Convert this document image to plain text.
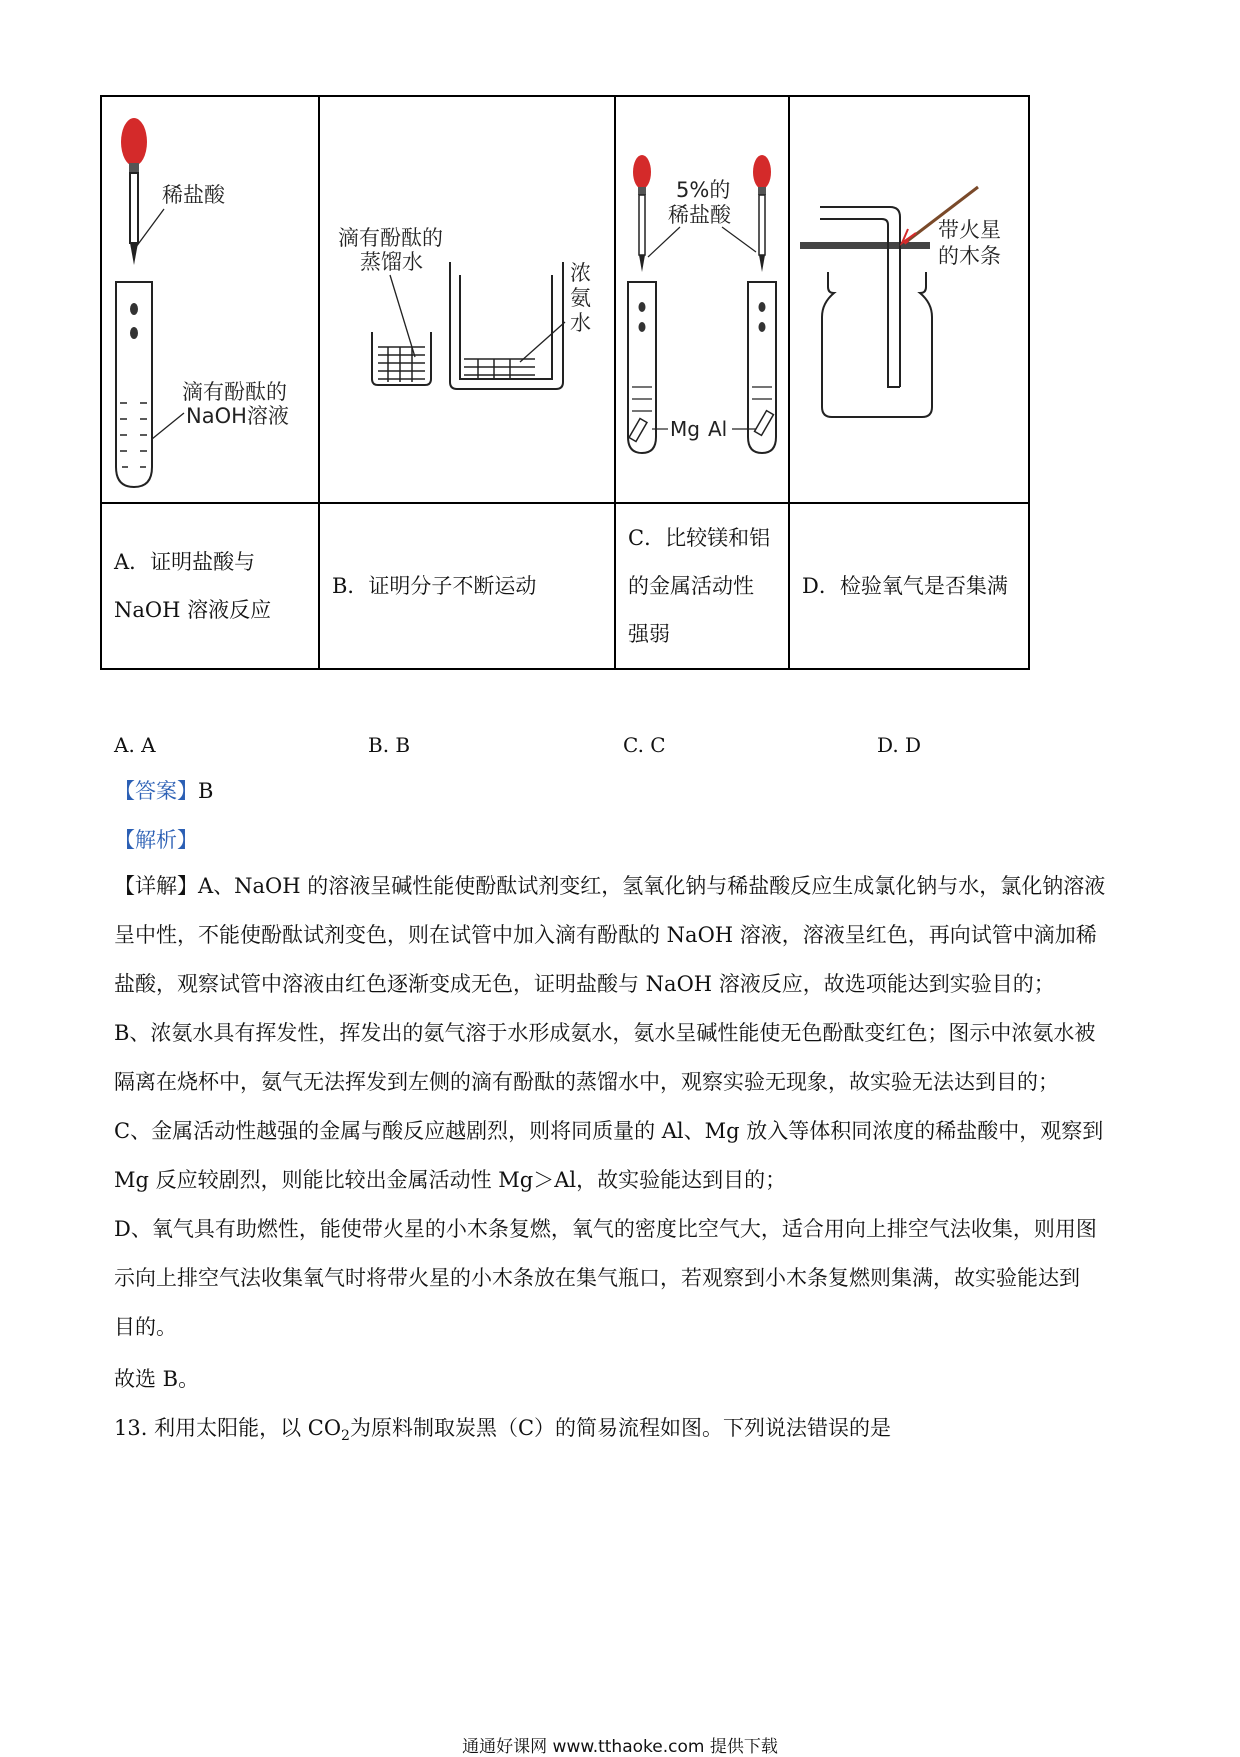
稀盐酸
滴有酚酞的
NaOH溶液
滴有酚酞的
蒸馏水	浓
氨
水
5%的
稀盐酸
Mg Al
带火星
的木条
A．证明盐酸与
NaOH 溶液反应
B．证明分子不断运动
C．比较镁和铝
的金属活动性
强弱
D．检验氧气是否集满
A. A	B. B	C. C	D. D
【答案】B
【解析】
【详解】A、NaOH 的溶液呈碱性能使酚酞试剂变红，氢氧化钠与稀盐酸反应生成氯化钠与水，氯化钠溶液
呈中性，不能使酚酞试剂变色，则在试管中加入滴有酚酞的 NaOH 溶液，溶液呈红色，再向试管中滴加稀
盐酸，观察试管中溶液由红色逐渐变成无色，证明盐酸与 NaOH 溶液反应，故选项能达到实验目的；
B、浓氨水具有挥发性，挥发出的氨气溶于水形成氨水，氨水呈碱性能使无色酚酞变红色；图示中浓氨水被
隔离在烧杯中，氨气无法挥发到左侧的滴有酚酞的蒸馏水中，观察实验无现象，故实验无法达到目的；
C、金属活动性越强的金属与酸反应越剧烈，则将同质量的 Al、Mg 放入等体积同浓度的稀盐酸中，观察到
Mg 反应较剧烈，则能比较出金属活动性 Mg＞Al，故实验能达到目的；
D、氧气具有助燃性，能使带火星的小木条复燃，氧气的密度比空气大，适合用向上排空气法收集，则用图
示向上排空气法收集氧气时将带火星的小木条放在集气瓶口，若观察到小木条复燃则集满，故实验能达到
目的。
故选 B。
13. 利用太阳能，以 $CO_2$为原料制取炭黑（C）的简易流程如图。下列说法错误的是
通通好课网 www.tthaoke.com 提供下载
